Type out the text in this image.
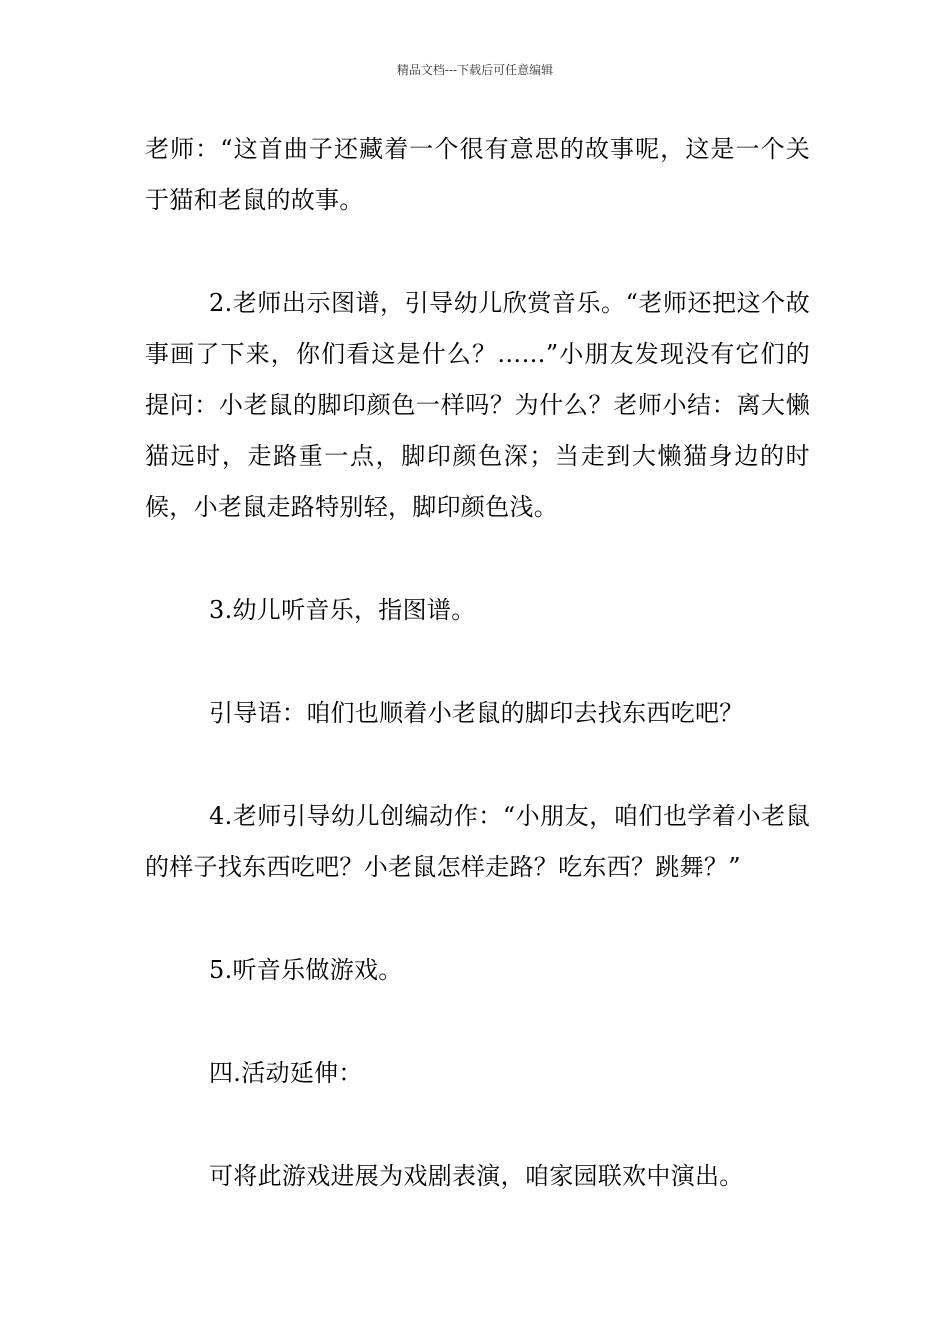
精品文档---下载后可任意编辑

老师：“这首曲子还藏着一个很有意思的故事呢，这是一个关于猫和老鼠的故事。

2.老师出示图谱，引导幼儿欣赏音乐。“老师还把这个故事画了下来，你们看这是什么？……”小朋友发现没有它们的提问：小老鼠的脚印颜色一样吗？为什么？老师小结：离大懒猫远时，走路重一点，脚印颜色深；当走到大懒猫身边的时候，小老鼠走路特别轻，脚印颜色浅。

3.幼儿听音乐，指图谱。

引导语：咱们也顺着小老鼠的脚印去找东西吃吧？

4.老师引导幼儿创编动作：“小朋友，咱们也学着小老鼠的样子找东西吃吧？小老鼠怎样走路？吃东西？跳舞？”

5.听音乐做游戏。

四.活动延伸：

可将此游戏进展为戏剧表演，咱家园联欢中演出。
